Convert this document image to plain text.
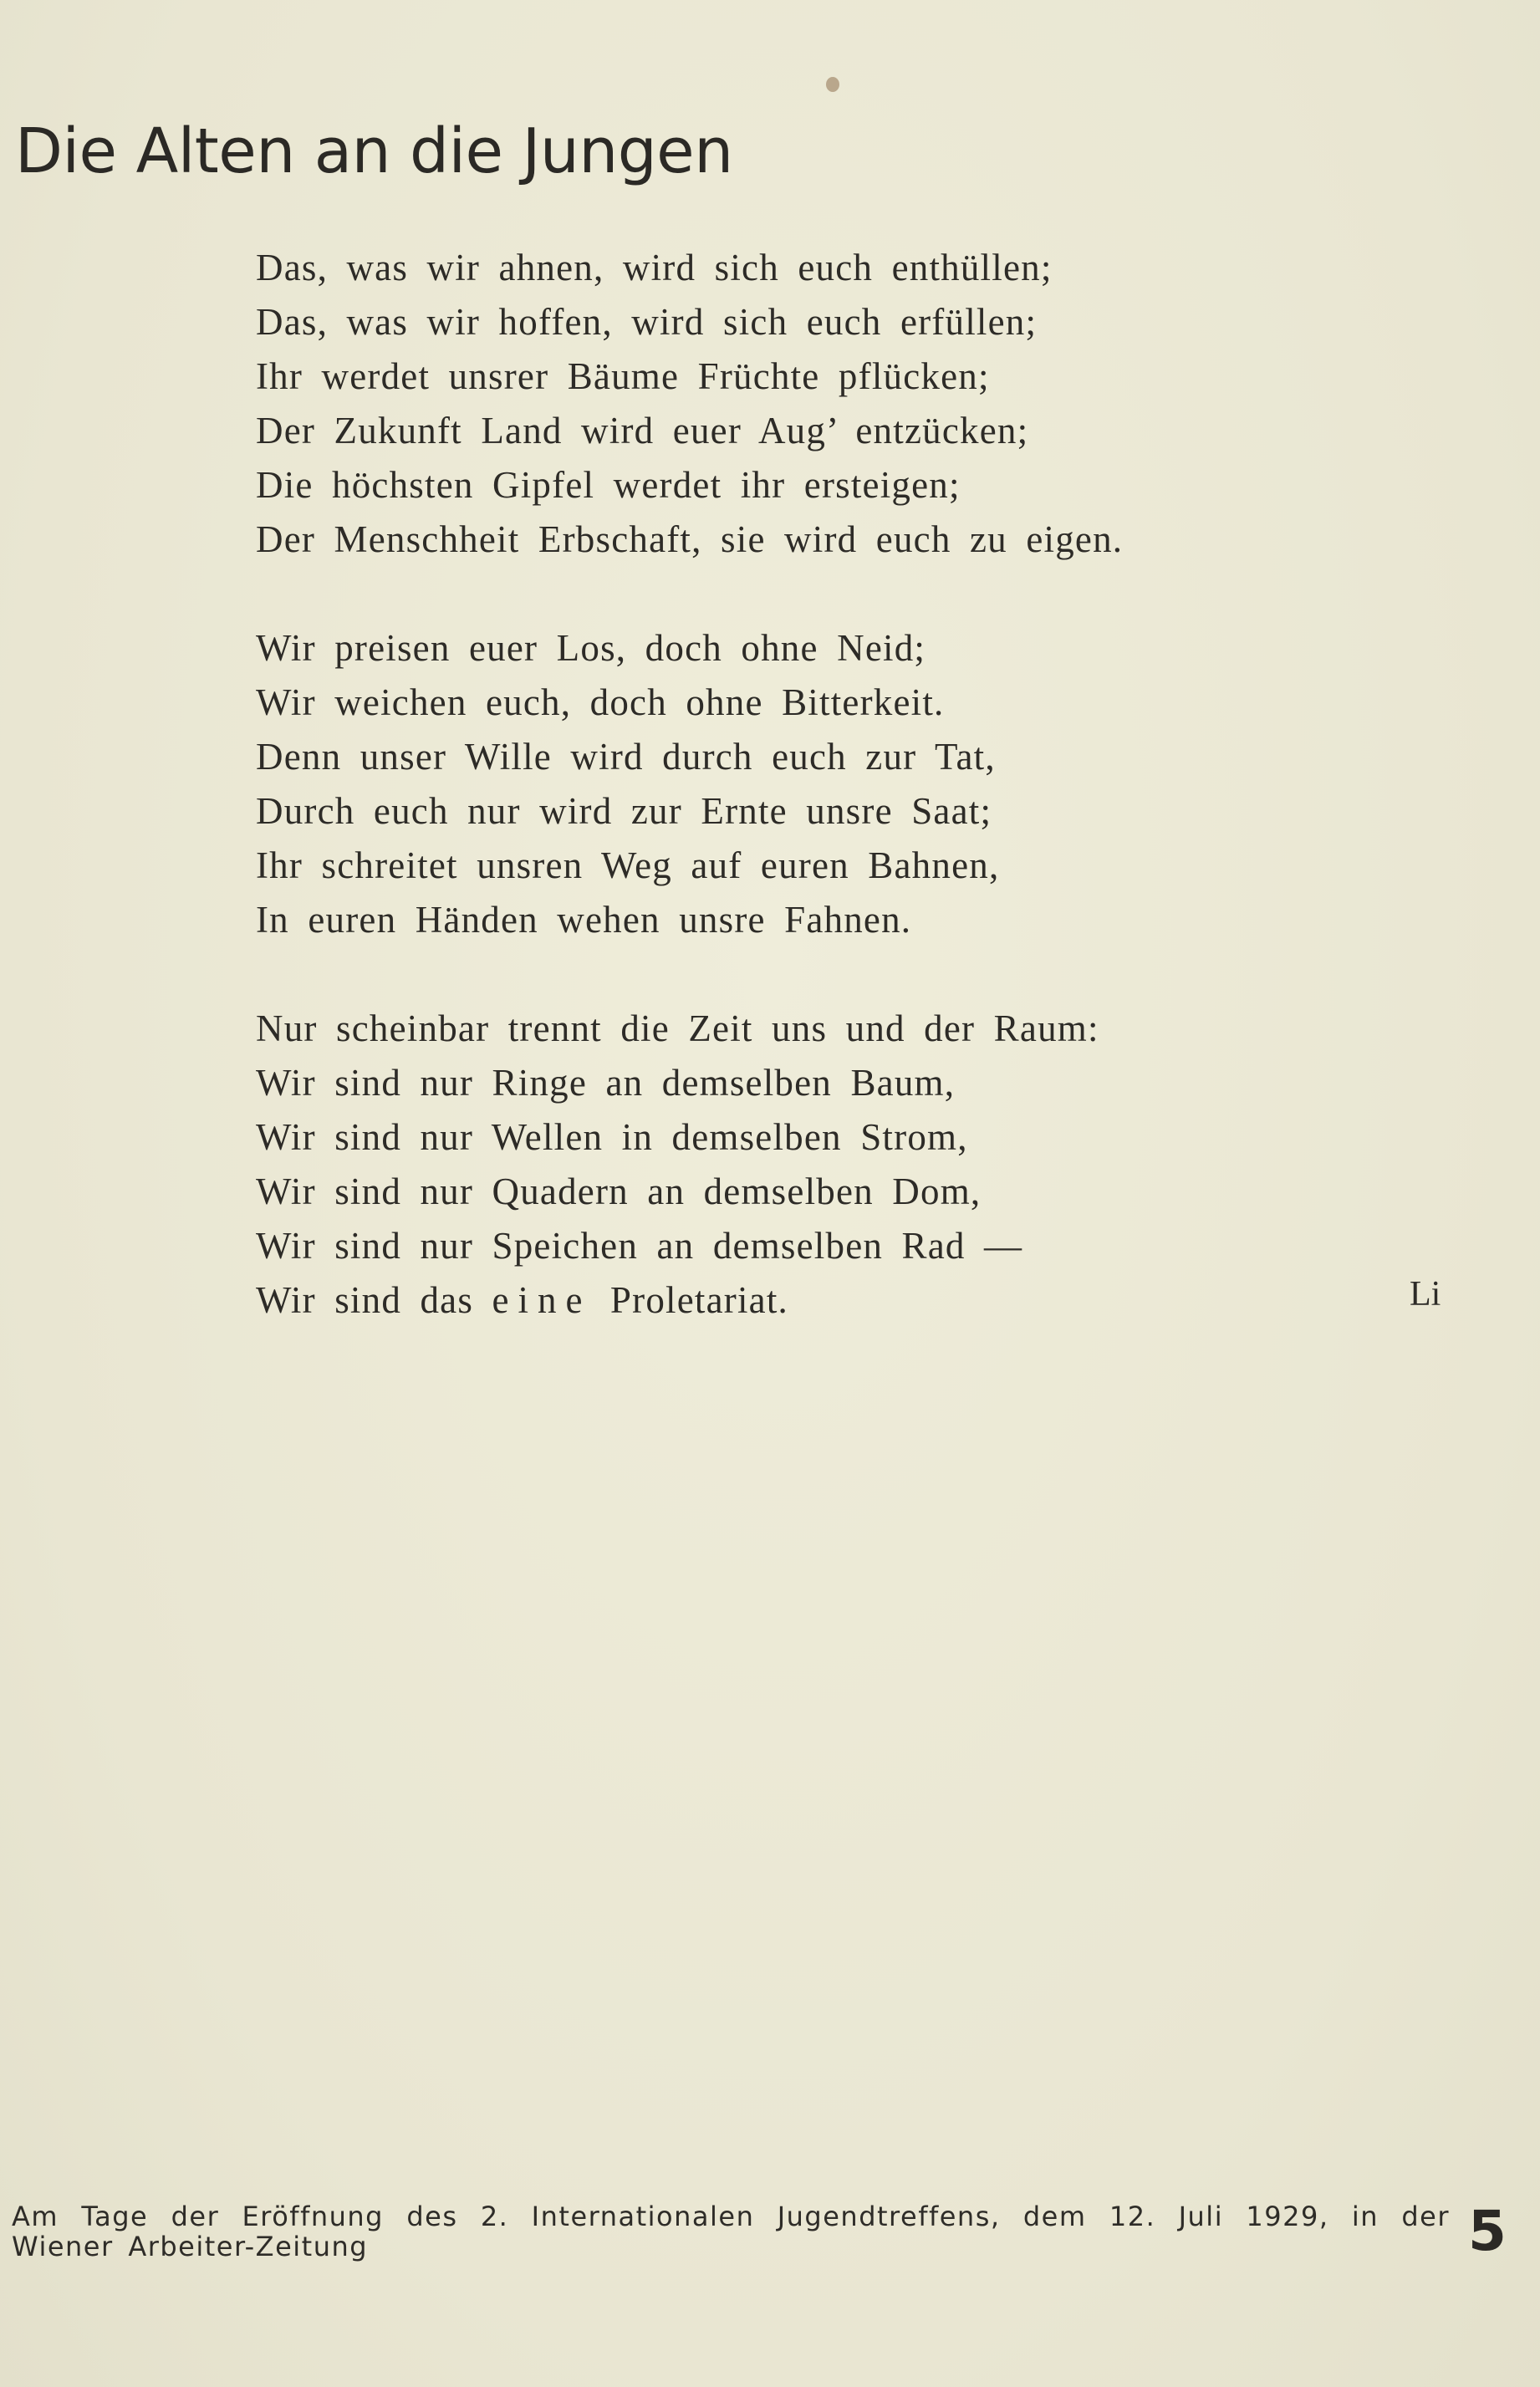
Die Alten an die Jungen
Das, was wir ahnen, wird sich euch enthüllen;
Das, was wir hoffen, wird sich euch erfüllen;
Ihr werdet unsrer Bäume Früchte pflücken;
Der Zukunft Land wird euer Aug’ entzücken;
Die höchsten Gipfel werdet ihr ersteigen;
Der Menschheit Erbschaft, sie wird euch zu eigen.
Wir preisen euer Los, doch ohne Neid;
Wir weichen euch, doch ohne Bitterkeit.
Denn unser Wille wird durch euch zur Tat,
Durch euch nur wird zur Ernte unsre Saat;
Ihr schreitet unsren Weg auf euren Bahnen,
In euren Händen wehen unsre Fahnen.
Nur scheinbar trennt die Zeit uns und der Raum:
Wir sind nur Ringe an demselben Baum,
Wir sind nur Wellen in demselben Strom,
Wir sind nur Quadern an demselben Dom,
Wir sind nur Speichen an demselben Rad —
Wir sind das eine Proletariat.	Li
Am Tage der Eröffnung des 2. Internationalen Jugendtreffens, dem 12. Juli 1929, in der Wiener Arbeiter-Zeitung	5
